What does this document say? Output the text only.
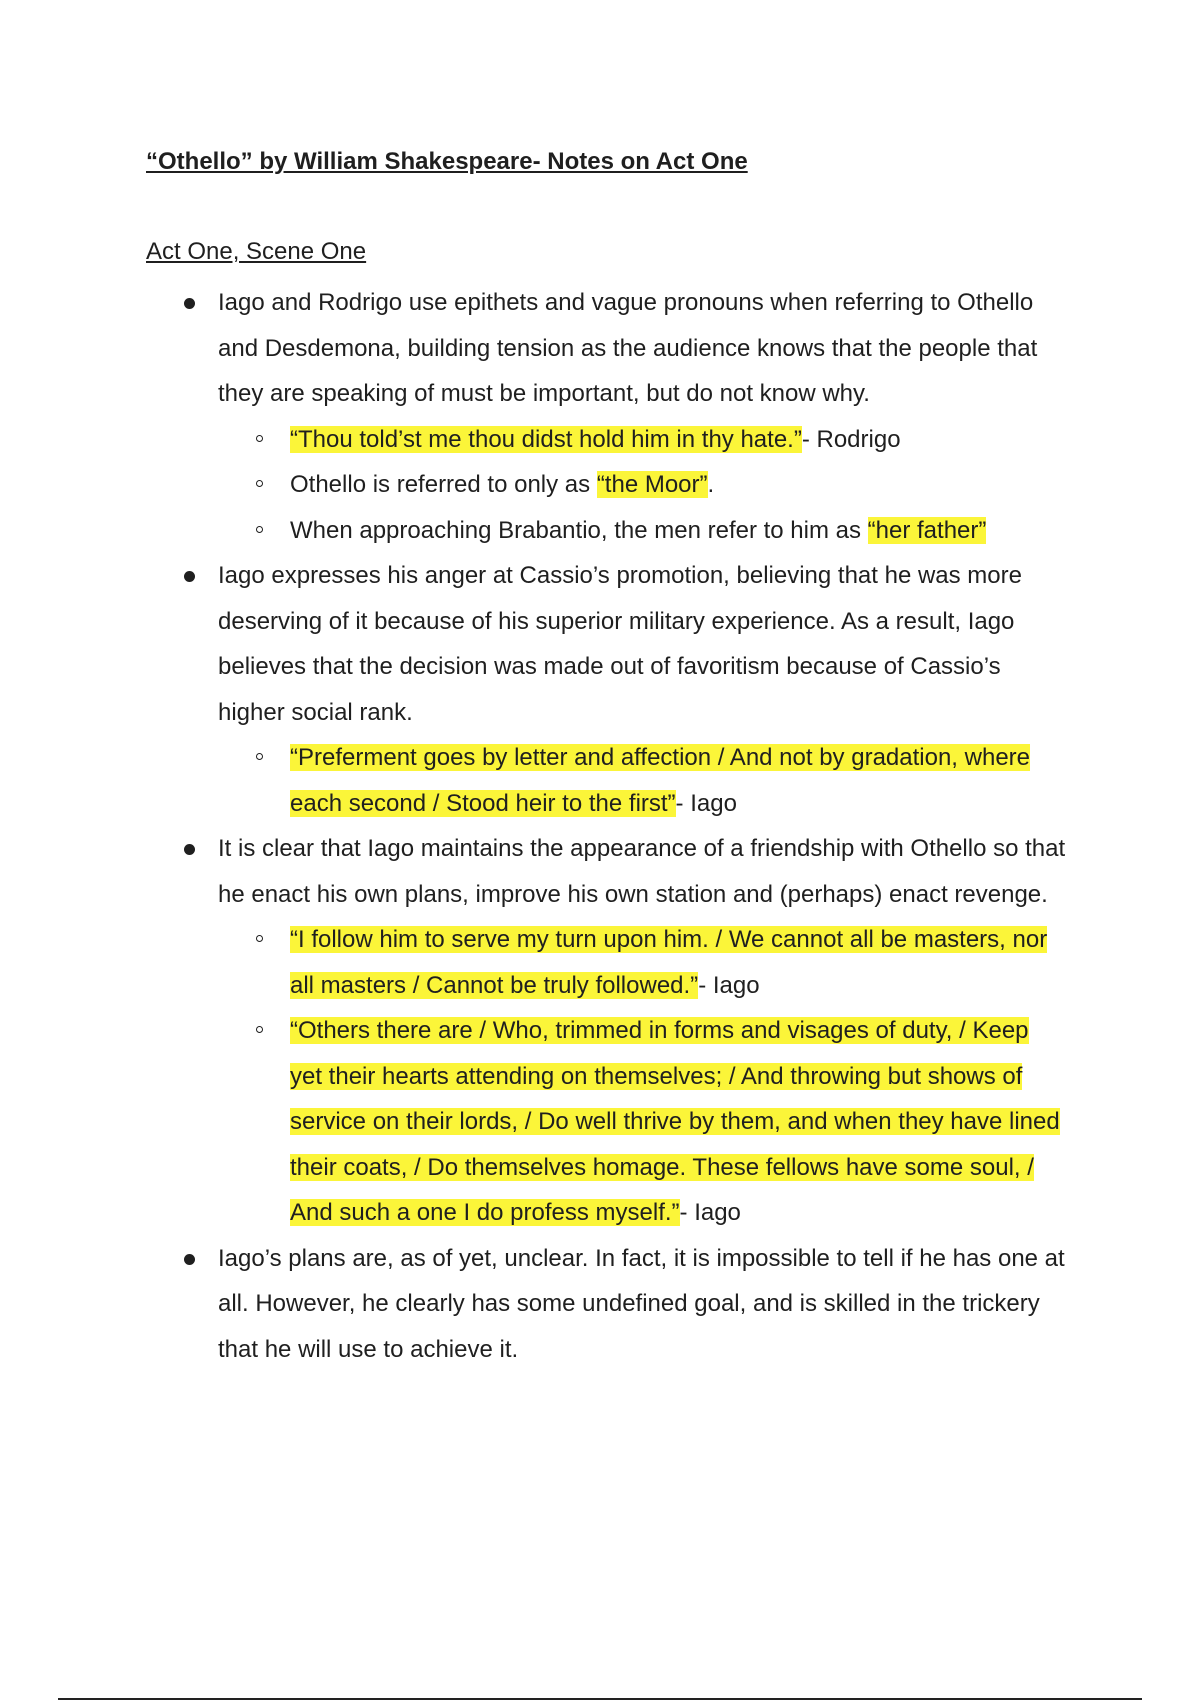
“Othello” by William Shakespeare- Notes on Act One
Act One, Scene One
Iago and Rodrigo use epithets and vague pronouns when referring to Othello and Desdemona, building tension as the audience knows that the people that they are speaking of must be important, but do not know why.
“Thou told’st me thou didst hold him in thy hate.”- Rodrigo
Othello is referred to only as “the Moor”.
When approaching Brabantio, the men refer to him as “her father”
Iago expresses his anger at Cassio’s promotion, believing that he was more deserving of it because of his superior military experience. As a result, Iago believes that the decision was made out of favoritism because of Cassio’s higher social rank.
“Preferment goes by letter and affection / And not by gradation, where each second / Stood heir to the first”- Iago
It is clear that Iago maintains the appearance of a friendship with Othello so that he enact his own plans, improve his own station and (perhaps) enact revenge.
“I follow him to serve my turn upon him. / We cannot all be masters, nor all masters / Cannot be truly followed.”- Iago
“Others there are / Who, trimmed in forms and visages of duty, / Keep yet their hearts attending on themselves; / And throwing but shows of service on their lords, / Do well thrive by them, and when they have lined their coats, / Do themselves homage. These fellows have some soul, / And such a one I do profess myself.”- Iago
Iago’s plans are, as of yet, unclear. In fact, it is impossible to tell if he has one at all. However, he clearly has some undefined goal, and is skilled in the trickery that he will use to achieve it.
